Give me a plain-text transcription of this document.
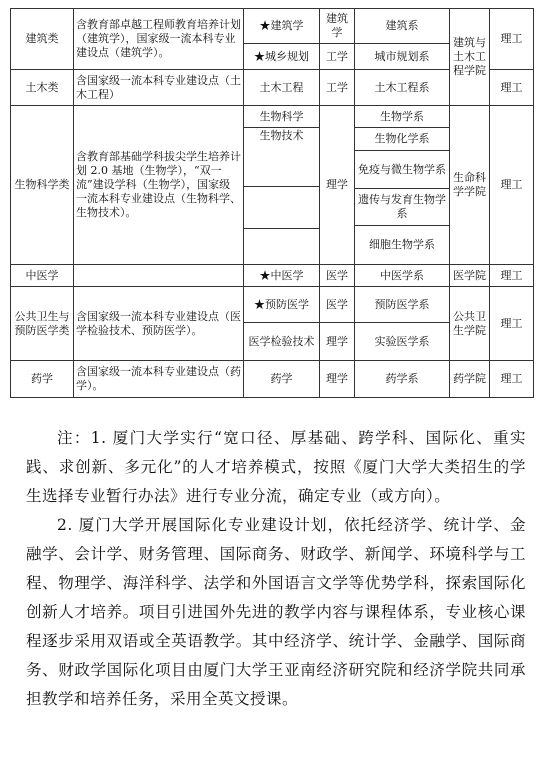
建筑类	含教育部卓越工程师教育培养计划（建筑学），国家级一流本科专业建设点（建筑学）。	★建筑学	建筑学	建筑系	建筑与土木工程学院	理工
		★城乡规划	工学	城市规划系		
土木类	含国家级一流本科专业建设点（土木工程）	土木工程	工学	土木工程系		理工
生物科学类	含教育部基础学科拔尖学生培养计划 2.0 基地（生物学），“双一流”建设学科（生物学），国家级一流本科专业建设点（生物科学、生物技术）。	生物科学	理学	生物学系	生命科学学院	理工
		生物技术		生物化学系		
				免疫与微生物学系		

				遗传与发育生物学系		
				细胞生物学系		

中医学		★中医学	医学	中医学系	医学院	理工
公共卫生与预防医学类	含国家级一流本科专业建设点（医学检验技术、预防医学）。	★预防医学	医学	预防医学系	公共卫生学院	理工
		医学检验技术	理学	实验医学系		
药学	含国家级一流本科专业建设点（药学）。	药学	理学	药学系	药学院	理工

注：1. 厦门大学实行“宽口径、厚基础、跨学科、国际化、重实践、求创新、多元化”的人才培养模式，按照《厦门大学大类招生的学生选择专业暂行办法》进行专业分流，确定专业（或方向）。

2. 厦门大学开展国际化专业建设计划，依托经济学、统计学、金融学、会计学、财务管理、国际商务、财政学、新闻学、环境科学与工程、物理学、海洋科学、法学和外国语言文学等优势学科，探索国际化创新人才培养。项目引进国外先进的教学内容与课程体系，专业核心课程逐步采用双语或全英语教学。其中经济学、统计学、金融学、国际商务、财政学国际化项目由厦门大学王亚南经济研究院和经济学院共同承担教学和培养任务，采用全英文授课。
